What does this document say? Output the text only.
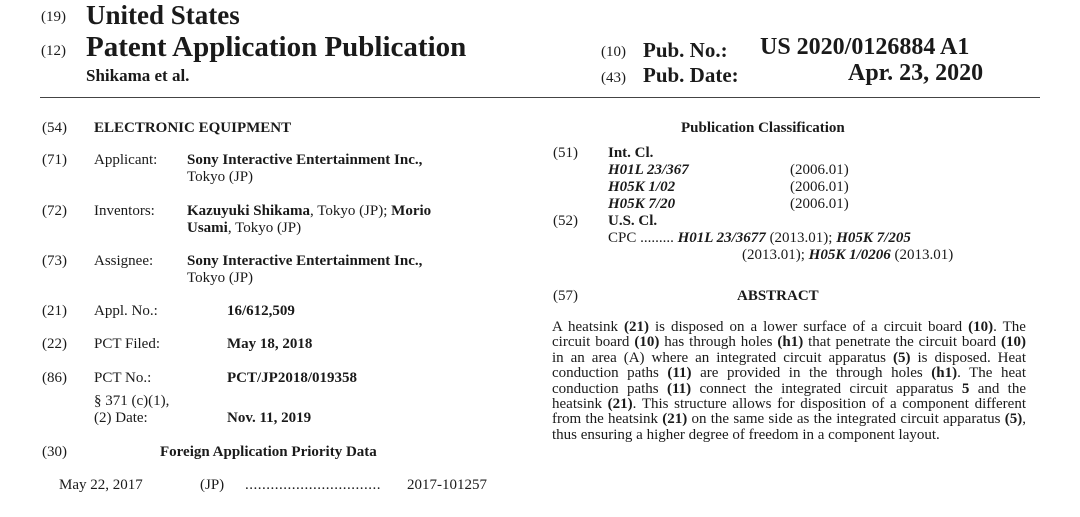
(19) United States
(12) Patent Application Publication
Shikama et al.
(10) Pub. No.: US 2020/0126884 A1
(43) Pub. Date:	Apr. 23, 2020
(54) ELECTRONIC EQUIPMENT
(71) Applicant: Sony Interactive Entertainment Inc.,
Tokyo (JP)
(72) Inventors: Kazuyuki Shikama, Tokyo (JP); Morio
Usami, Tokyo (JP)
(73) Assignee: Sony Interactive Entertainment Inc.,
Tokyo (JP)
(21) Appl. No.:	16/612,509
(22) PCT Filed:	May 18, 2018
(86) PCT No.:	PCT/JP2018/019358
§ 371 (c)(1),
(2) Date:	Nov. 11, 2019
(30)	Foreign Application Priority Data
May 22, 2017	(JP) ................................ 2017-101257
Publication Classification
(51) Int. Cl.
H01L 23/367	(2006.01)
H05K 1/02	(2006.01)
H05K 7/20	(2006.01)
(52) U.S. Cl.
CPC ......... H01L 23/3677 (2013.01); H05K 7/205
(2013.01); H05K 1/0206 (2013.01)
(57)	ABSTRACT
A heatsink (21) is disposed on a lower surface of a circuit board (10). The circuit board (10) has through holes (h1) that penetrate the circuit board (10) in an area (A) where an integrated circuit apparatus (5) is disposed. Heat conduction paths (11) are provided in the through holes (h1). The heat conduction paths (11) connect the integrated circuit apparatus 5 and the heatsink (21). This structure allows for disposition of a component different from the heatsink (21) on the same side as the integrated circuit apparatus (5), thus ensuring a higher degree of freedom in a component layout.
